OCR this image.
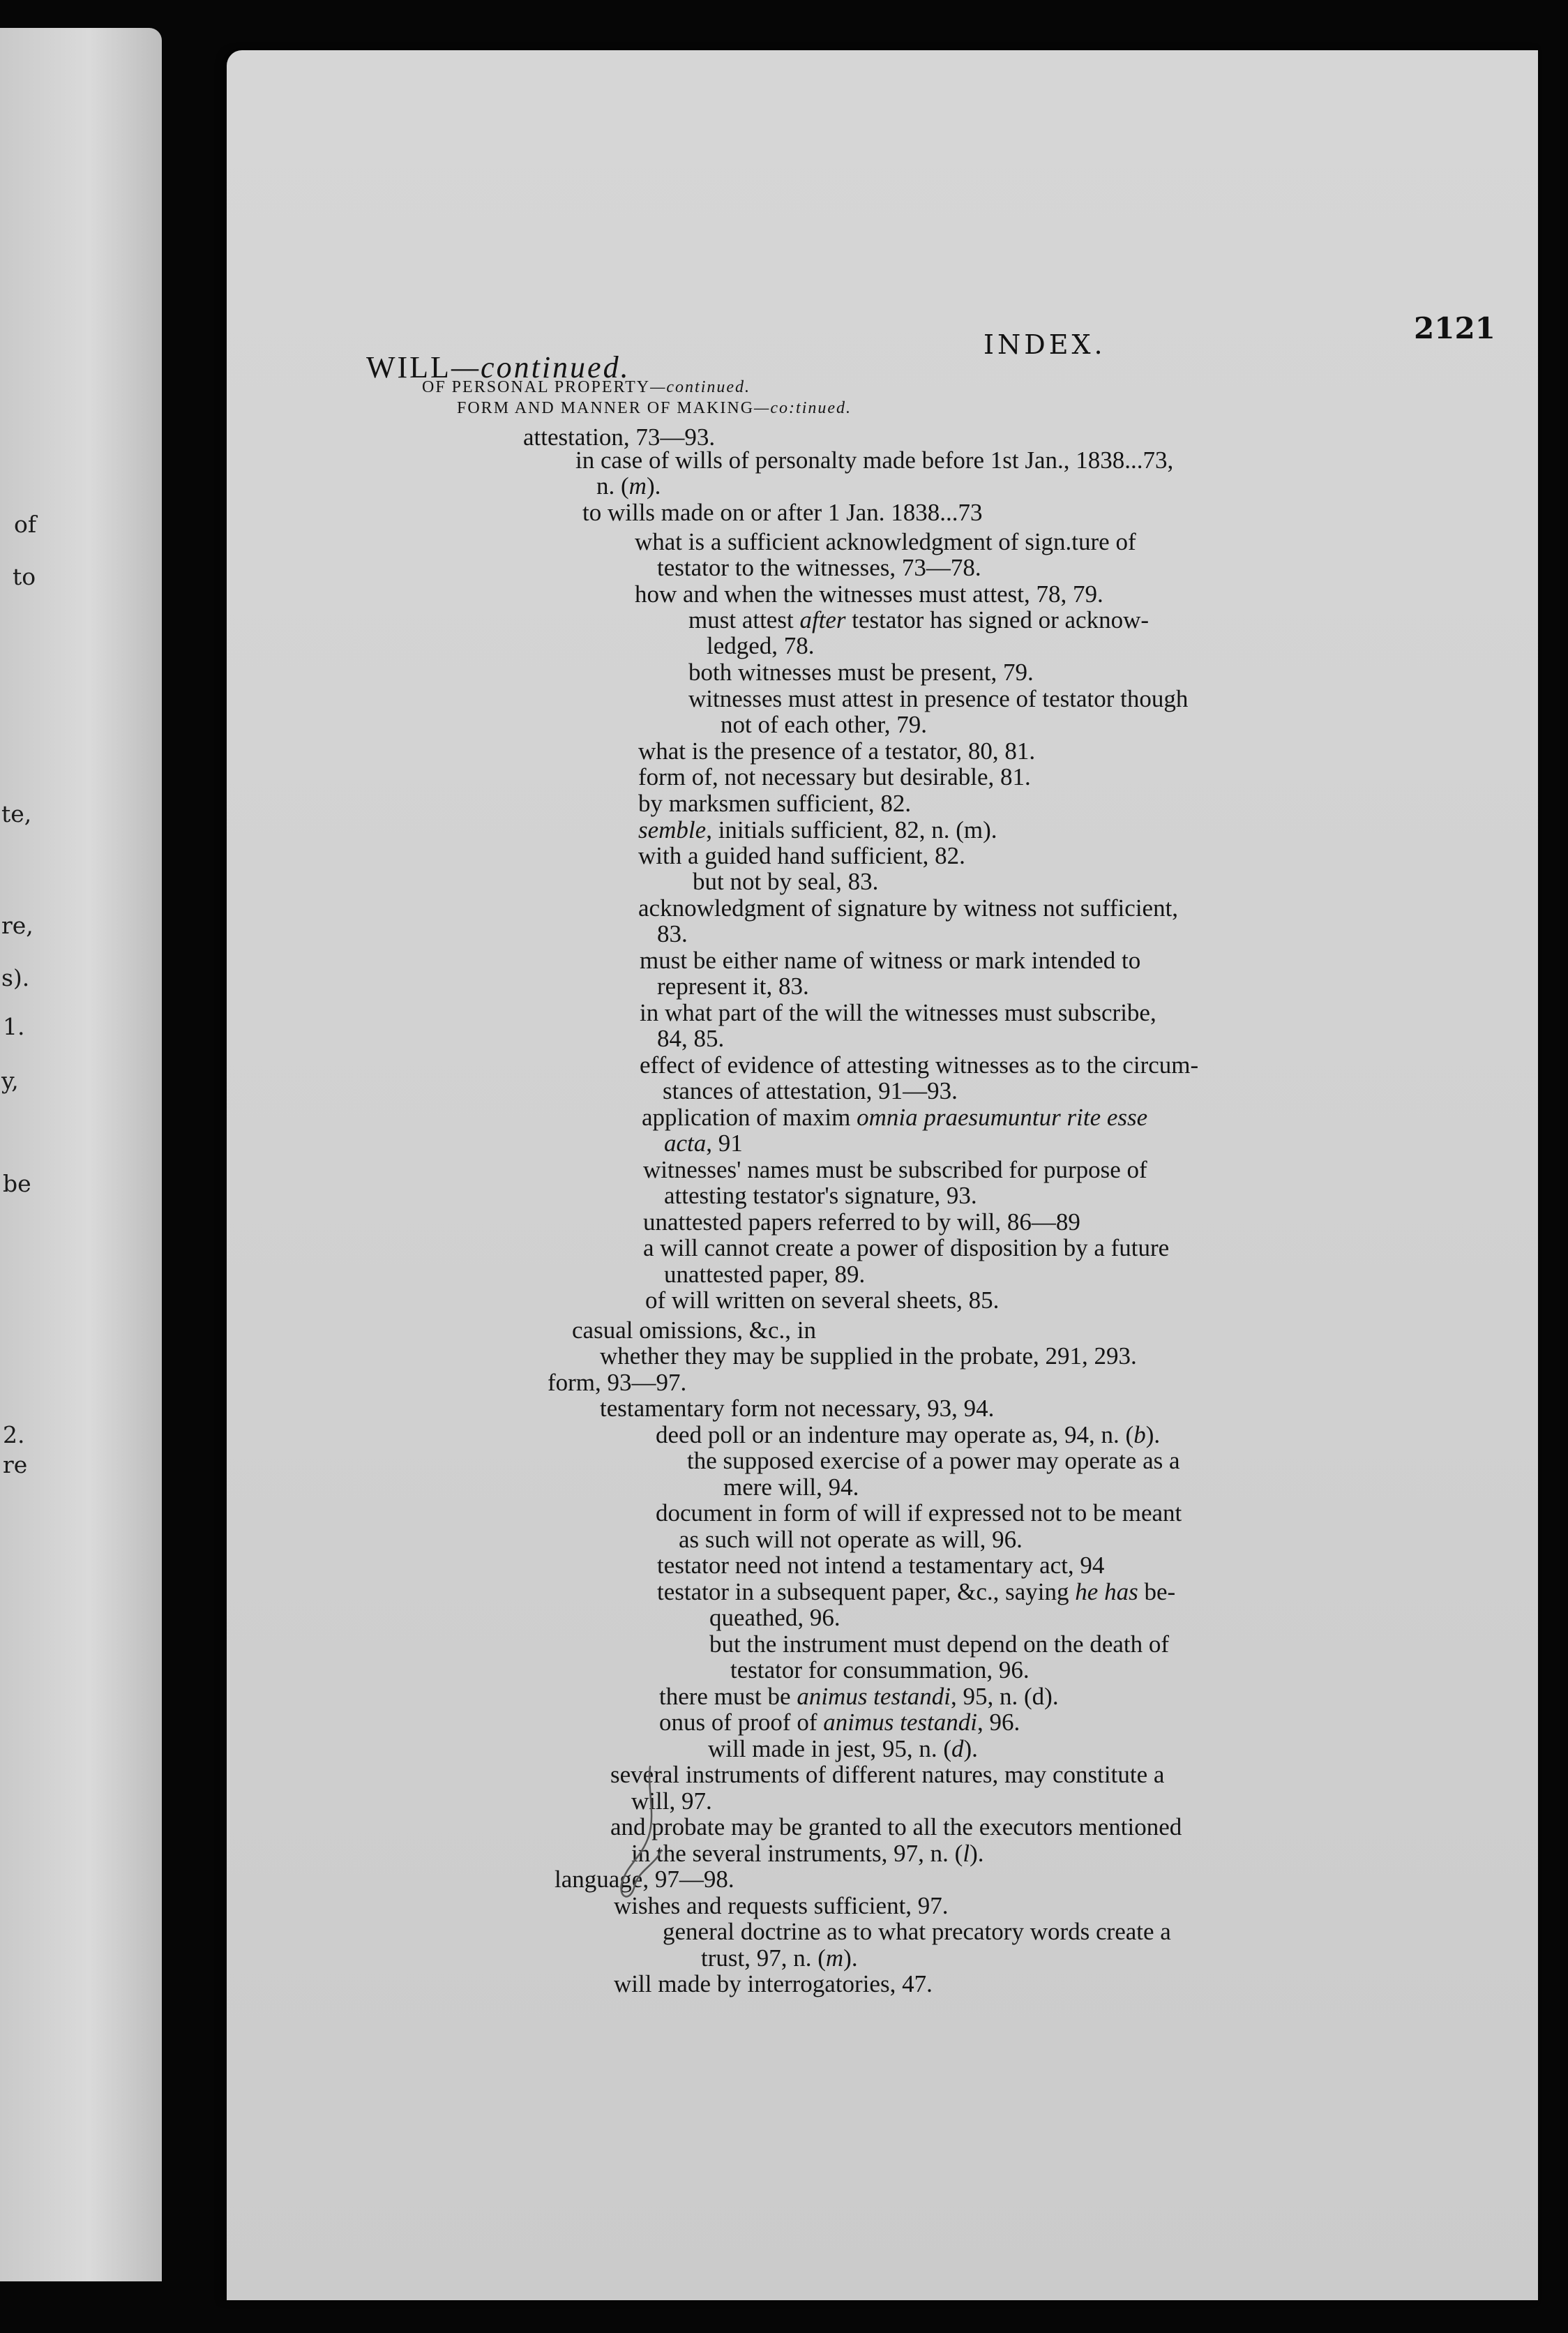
of

to

te,

re,

s).

1.

y,

be

2.

re

INDEX.	2121

WILL—continued.

OF PERSONAL PROPERTY—continued.

FORM AND MANNER OF MAKING—co:tinued.

attestation, 73—93.

in case of wills of personalty made before 1st Jan., 1838...73,

n. (m).

to wills made on or after 1 Jan. 1838...73

what is a sufficient acknowledgment of sign.ture of

testator to the witnesses, 73—78.

how and when the witnesses must attest, 78, 79.

must attest after testator has signed or acknow-

ledged, 78.

both witnesses must be present, 79.

witnesses must attest in presence of testator though

not of each other, 79.

what is the presence of a testator, 80, 81.

form of, not necessary but desirable, 81.

by marksmen sufficient, 82.

semble, initials sufficient, 82, n. (m).

with a guided hand sufficient, 82.

but not by seal, 83.

acknowledgment of signature by witness not sufficient,

83.

must be either name of witness or mark intended to

represent it, 83.

in what part of the will the witnesses must subscribe,

84, 85.

effect of evidence of attesting witnesses as to the circum-

stances of attestation, 91—93.

application of maxim omnia praesumuntur rite esse

acta, 91

witnesses' names must be subscribed for purpose of

attesting testator's signature, 93.

unattested papers referred to by will, 86—89

a will cannot create a power of disposition by a future

unattested paper, 89.

of will written on several sheets, 85.

casual omissions, &c., in

whether they may be supplied in the probate, 291, 293.

form, 93—97.

testamentary form not necessary, 93, 94.

deed poll or an indenture may operate as, 94, n. (b).

the supposed exercise of a power may operate as a

mere will, 94.

document in form of will if expressed not to be meant

as such will not operate as will, 96.

testator need not intend a testamentary act, 94

testator in a subsequent paper, &c., saying he has be-

queathed, 96.

but the instrument must depend on the death of

testator for consummation, 96.

there must be animus testandi, 95, n. (d).

onus of proof of animus testandi, 96.

will made in jest, 95, n. (d).

several instruments of different natures, may constitute a

will, 97.

and probate may be granted to all the executors mentioned

in the several instruments, 97, n. (l).

language, 97—98.

wishes and requests sufficient, 97.

general doctrine as to what precatory words create a

trust, 97, n. (m).

will made by interrogatories, 47.
